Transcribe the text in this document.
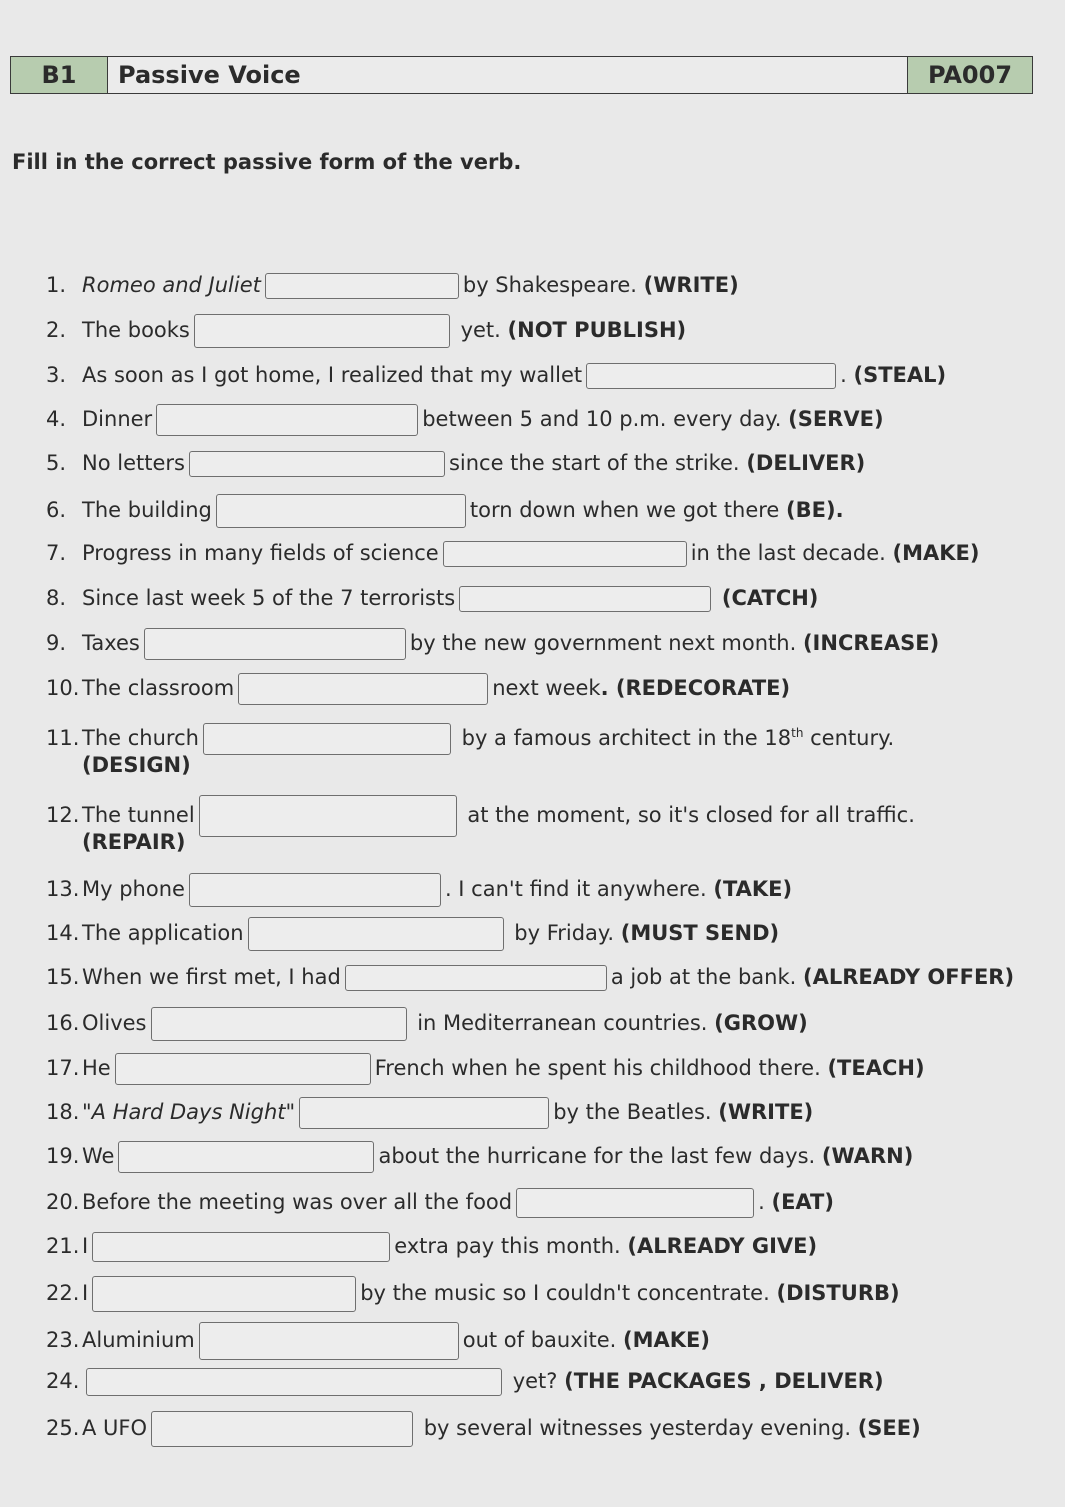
B1	Passive Voice	PA007
Fill in the correct passive form of the verb.
1. Romeo and Juliet	by Shakespeare. (WRITE)
2. The books	yet. (NOT PUBLISH)
3. As soon as I got home, I realized that my wallet	. (STEAL)
4. Dinner	between 5 and 10 p.m. every day. (SERVE)
5. No letters	since the start of the strike. (DELIVER)
6. The building	torn down when we got there (BE).
7. Progress in many fields of science	in the last decade. (MAKE)
8. Since last week 5 of the 7 terrorists	(CATCH)
9. Taxes	by the new government next month. (INCREASE)
10. The classroom	next week. (REDECORATE)
11. The church	by a famous architect in the 18th century.
(DESIGN)
12. The tunnel	at the moment, so it's closed for all traffic.
(REPAIR)
13. My phone	. I can't find it anywhere. (TAKE)
14. The application	by Friday. (MUST SEND)
15. When we first met, I had	a job at the bank. (ALREADY OFFER)
16. Olives	in Mediterranean countries. (GROW)
17. He	French when he spent his childhood there. (TEACH)
18. "A Hard Days Night"	by the Beatles. (WRITE)
19. We	about the hurricane for the last few days. (WARN)
20. Before the meeting was over all the food	. (EAT)
21. I	extra pay this month. (ALREADY GIVE)
22. I	by the music so I couldn't concentrate. (DISTURB)
23. Aluminium	out of bauxite. (MAKE)
24.	yet? (THE PACKAGES , DELIVER)
25. A UFO	by several witnesses yesterday evening. (SEE)
